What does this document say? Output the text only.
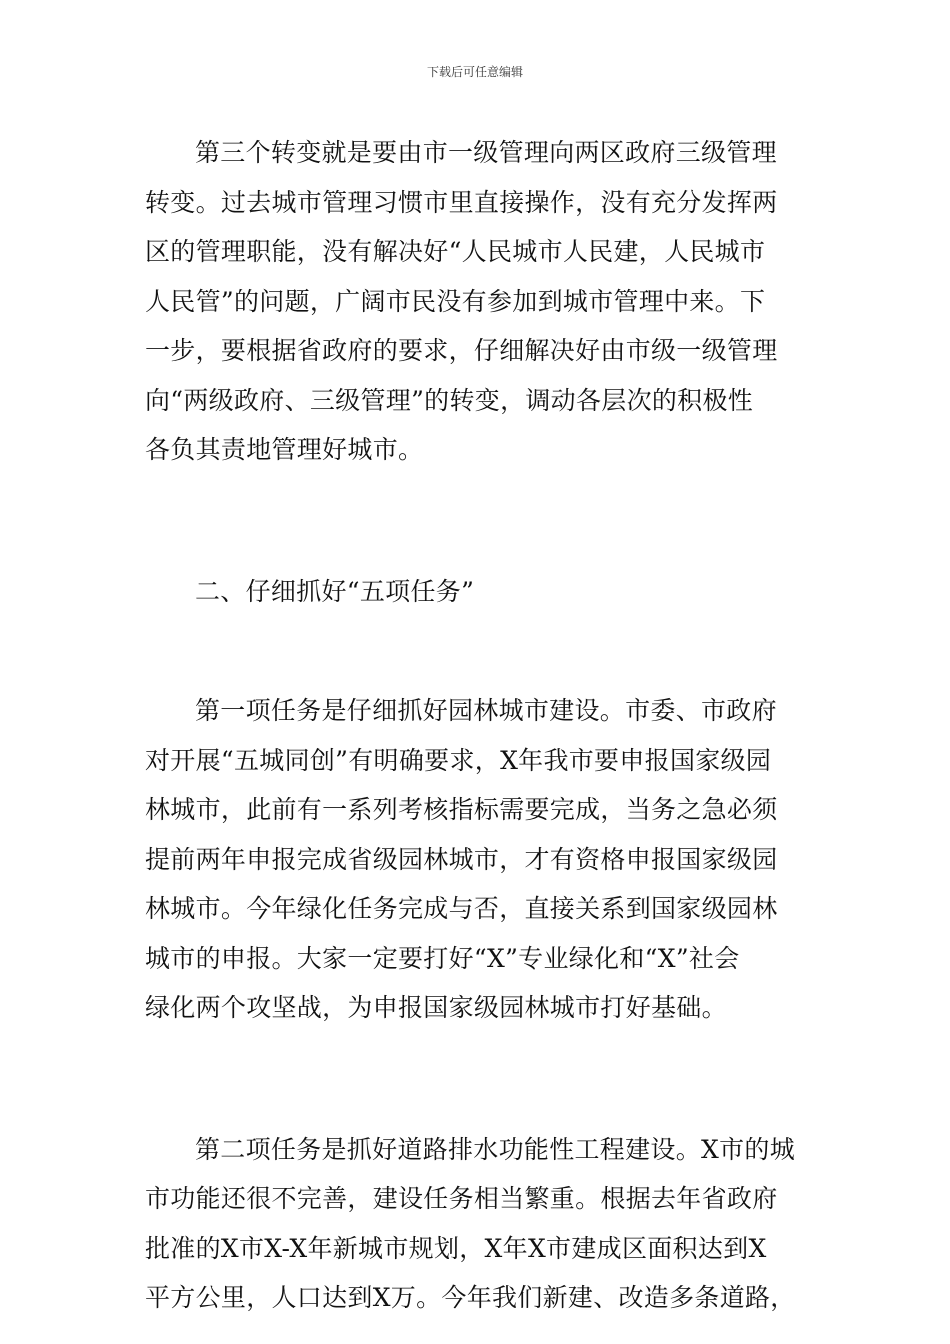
下载后可任意编辑

第三个转变就是要由市一级管理向两区政府三级管理
转变。过去城市管理习惯市里直接操作，没有充分发挥两
区的管理职能，没有解决好“人民城市人民建，人民城市
人民管”的问题，广阔市民没有参加到城市管理中来。下
一步，要根据省政府的要求，仔细解决好由市级一级管理
向“两级政府、三级管理”的转变，调动各层次的积极性
各负其责地管理好城市。

二、仔细抓好“五项任务”

第一项任务是仔细抓好园林城市建设。市委、市政府
对开展“五城同创”有明确要求，X年我市要申报国家级园
林城市，此前有一系列考核指标需要完成，当务之急必须
提前两年申报完成省级园林城市，才有资格申报国家级园
林城市。今年绿化任务完成与否，直接关系到国家级园林
城市的申报。大家一定要打好“X”专业绿化和“X”社会
绿化两个攻坚战，为申报国家级园林城市打好基础。

第二项任务是抓好道路排水功能性工程建设。X市的城
市功能还很不完善，建设任务相当繁重。根据去年省政府
批准的X市X-X年新城市规划，X年X市建成区面积达到X
平方公里，人口达到X万。今年我们新建、改造多条道路，
